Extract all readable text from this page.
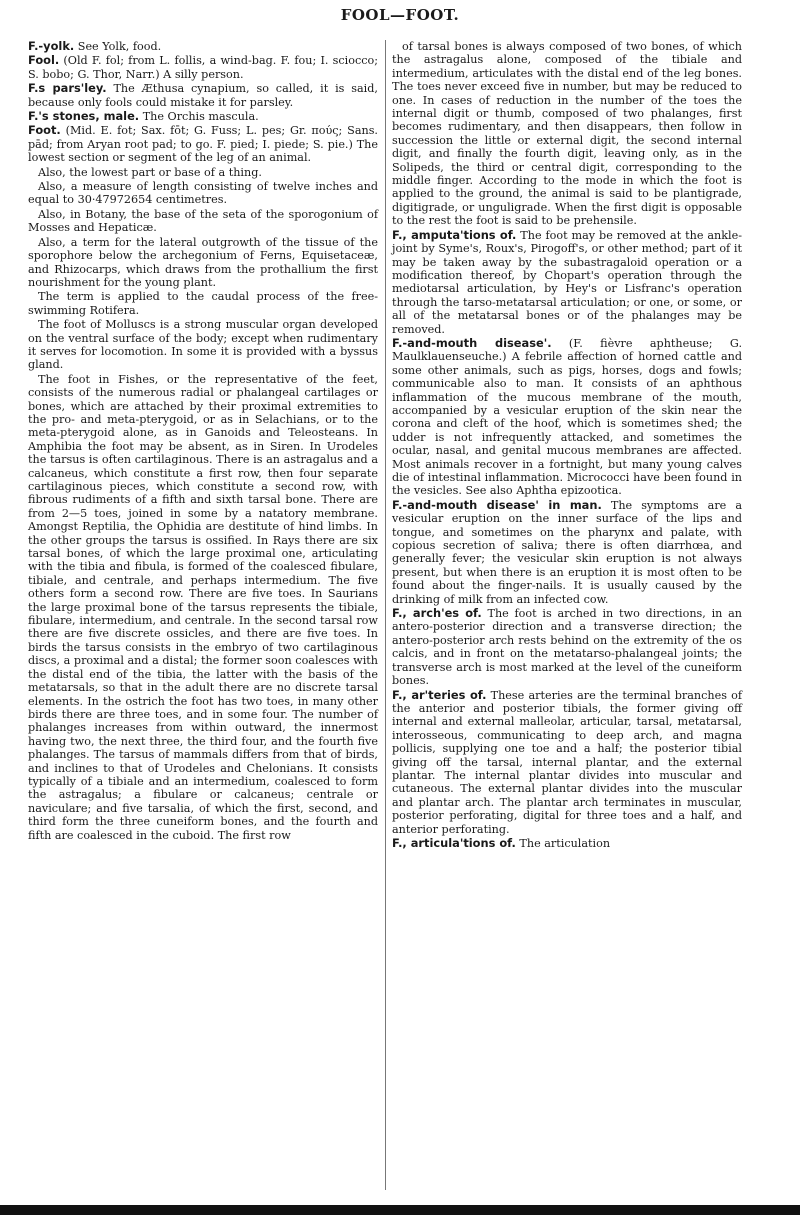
FOOL—FOOT.

F.-yolk. See Yolk, food.

Fool. (Old F. fol; from L. follis, a wind-bag. F. fou; I. sciocco; S. bobo; G. Thor, Narr.) A silly person.

F.s pars'ley. The Æthusa cynapium, so called, it is said, because only fools could mistake it for parsley.

F.'s stones, male. The Orchis mascula.

Foot. (Mid. E. fot; Sax. fōt; G. Fuss; L. pes; Gr. πούς; Sans. pād; from Aryan root pad; to go. F. pied; I. piede; S. pie.) The lowest section or segment of the leg of an animal.

Also, the lowest part or base of a thing.

Also, a measure of length consisting of twelve inches and equal to 30·47972654 centimetres.

Also, in Botany, the base of the seta of the sporogonium of Mosses and Hepaticæ.

Also, a term for the lateral outgrowth of the tissue of the sporophore below the archegonium of Ferns, Equisetaceæ, and Rhizocarps, which draws from the prothallium the first nourishment for the young plant.

The term is applied to the caudal process of the free-swimming Rotifera.

The foot of Molluscs is a strong muscular organ developed on the ventral surface of the body; except when rudimentary it serves for locomotion. In some it is provided with a byssus gland.

The foot in Fishes, or the representative of the feet, consists of the numerous radial or phalangeal cartilages or bones, which are attached by their proximal extremities to the pro- and meta-pterygoid, or as in Selachians, or to the meta-pterygoid alone, as in Ganoids and Teleosteans. In Amphibia the foot may be absent, as in Siren. In Urodeles the tarsus is often cartilaginous. There is an astragalus and a calcaneus, which constitute a first row, then four separate cartilaginous pieces, which constitute a second row, with fibrous rudiments of a fifth and sixth tarsal bone. There are from 2—5 toes, joined in some by a natatory membrane. Amongst Reptilia, the Ophidia are destitute of hind limbs. In the other groups the tarsus is ossified. In Rays there are six tarsal bones, of which the large proximal one, articulating with the tibia and fibula, is formed of the coalesced fibulare, tibiale, and centrale, and perhaps intermedium. The five others form a second row. There are five toes. In Saurians the large proximal bone of the tarsus represents the tibiale, fibulare, intermedium, and centrale. In the second tarsal row there are five discrete ossicles, and there are five toes. In birds the tarsus consists in the embryo of two cartilaginous discs, a proximal and a distal; the former soon coalesces with the distal end of the tibia, the latter with the basis of the metatarsals, so that in the adult there are no discrete tarsal elements. In the ostrich the foot has two toes, in many other birds there are three toes, and in some four. The number of phalanges increases from within outward, the innermost having two, the next three, the third four, and the fourth five phalanges. The tarsus of mammals differs from that of birds, and inclines to that of Urodeles and Chelonians. It consists typically of a tibiale and an intermedium, coalesced to form the astragalus; a fibulare or calcaneus; centrale or naviculare; and five tarsalia, of which the first, second, and third form the three cuneiform bones, and the fourth and fifth are coalesced in the cuboid. The first row

of tarsal bones is always composed of two bones, of which the astragalus alone, composed of the tibiale and intermedium, articulates with the distal end of the leg bones. The toes never exceed five in number, but may be reduced to one. In cases of reduction in the number of the toes the internal digit or thumb, composed of two phalanges, first becomes rudimentary, and then disappears, then follow in succession the little or external digit, the second internal digit, and finally the fourth digit, leaving only, as in the Solipeds, the third or central digit, corresponding to the middle finger. According to the mode in which the foot is applied to the ground, the animal is said to be plantigrade, digitigrade, or unguligrade. When the first digit is opposable to the rest the foot is said to be prehensile.

F., amputa'tions of. The foot may be removed at the ankle-joint by Syme's, Roux's, Pirogoff's, or other method; part of it may be taken away by the subastragaloid operation or a modification thereof, by Chopart's operation through the mediotarsal articulation, by Hey's or Lisfranc's operation through the tarso-metatarsal articulation; or one, or some, or all of the metatarsal bones or of the phalanges may be removed.

F.-and-mouth disease'. (F. fièvre aphtheuse; G. Maulklauenseuche.) A febrile affection of horned cattle and some other animals, such as pigs, horses, dogs and fowls; communicable also to man. It consists of an aphthous inflammation of the mucous membrane of the mouth, accompanied by a vesicular eruption of the skin near the corona and cleft of the hoof, which is sometimes shed; the udder is not infrequently attacked, and sometimes the ocular, nasal, and genital mucous membranes are affected. Most animals recover in a fortnight, but many young calves die of intestinal inflammation. Micrococci have been found in the vesicles. See also Aphtha epizootica.

F.-and-mouth disease' in man. The symptoms are a vesicular eruption on the inner surface of the lips and tongue, and sometimes on the pharynx and palate, with copious secretion of saliva; there is often diarrhœa, and generally fever; the vesicular skin eruption is not always present, but when there is an eruption it is most often to be found about the finger-nails. It is usually caused by the drinking of milk from an infected cow.

F., arch'es of. The foot is arched in two directions, in an antero-posterior direction and a transverse direction; the antero-posterior arch rests behind on the extremity of the os calcis, and in front on the metatarso-phalangeal joints; the transverse arch is most marked at the level of the cuneiform bones.

F., ar'teries of. These arteries are the terminal branches of the anterior and posterior tibials, the former giving off internal and external malleolar, articular, tarsal, metatarsal, interosseous, communicating to deep arch, and magna pollicis, supplying one toe and a half; the posterior tibial giving off the tarsal, internal plantar, and the external plantar. The internal plantar divides into muscular and cutaneous. The external plantar divides into the muscular and plantar arch. The plantar arch terminates in muscular, posterior perforating, digital for three toes and a half, and anterior perforating.

F., articula'tions of. The articulation
